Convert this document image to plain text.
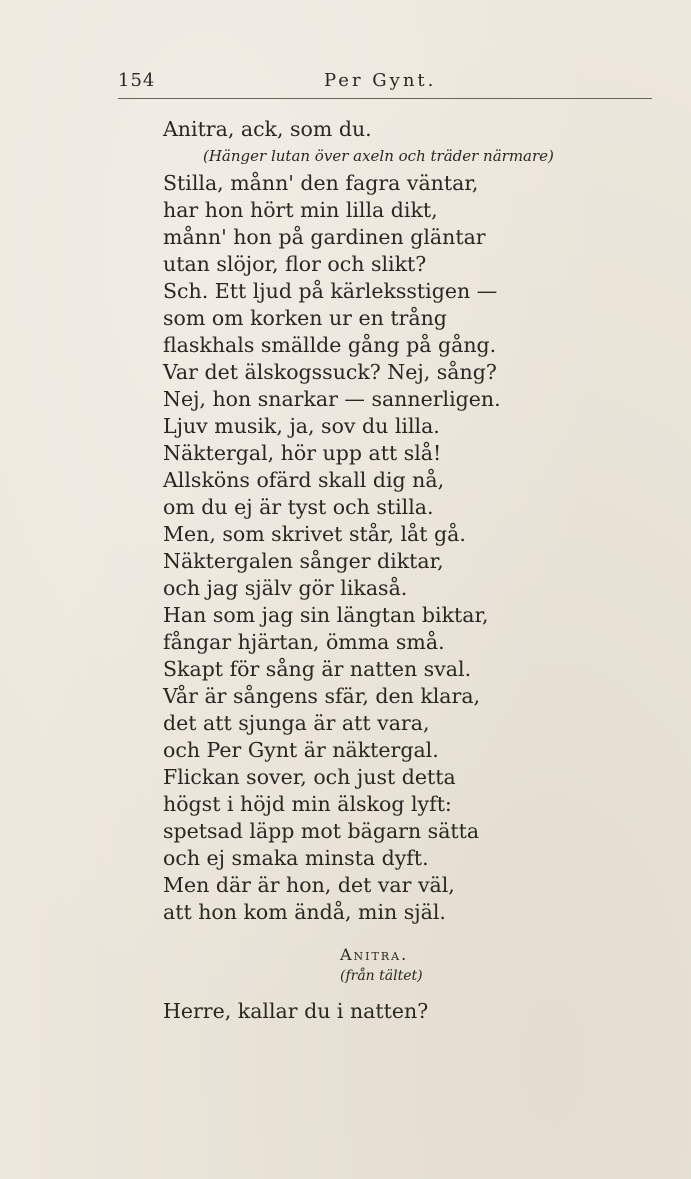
154	Per Gynt.
Anitra, ack, som du.
(Hänger lutan över axeln och träder närmare)
Stilla, månn' den fagra väntar,
har hon hört min lilla dikt,
månn' hon på gardinen gläntar
utan slöjor, flor och slikt?
Sch. Ett ljud på kärleksstigen —
som om korken ur en trång
flaskhals smällde gång på gång.
Var det älskogssuck? Nej, sång?
Nej, hon snarkar — sannerligen.
Ljuv musik, ja, sov du lilla.
Näktergal, hör upp att slå!
Allsköns ofärd skall dig nå,
om du ej är tyst och stilla.
Men, som skrivet står, låt gå.
Näktergalen sånger diktar,
och jag själv gör likaså.
Han som jag sin längtan biktar,
fångar hjärtan, ömma små.
Skapt för sång är natten sval.
Vår är sångens sfär, den klara,
det att sjunga är att vara,
och Per Gynt är näktergal.
Flickan sover, och just detta
högst i höjd min älskog lyft:
spetsad läpp mot bägarn sätta
och ej smaka minsta dyft.
Men där är hon, det var väl,
att hon kom ändå, min själ.
Anitra.
(från tältet)
Herre, kallar du i natten?
